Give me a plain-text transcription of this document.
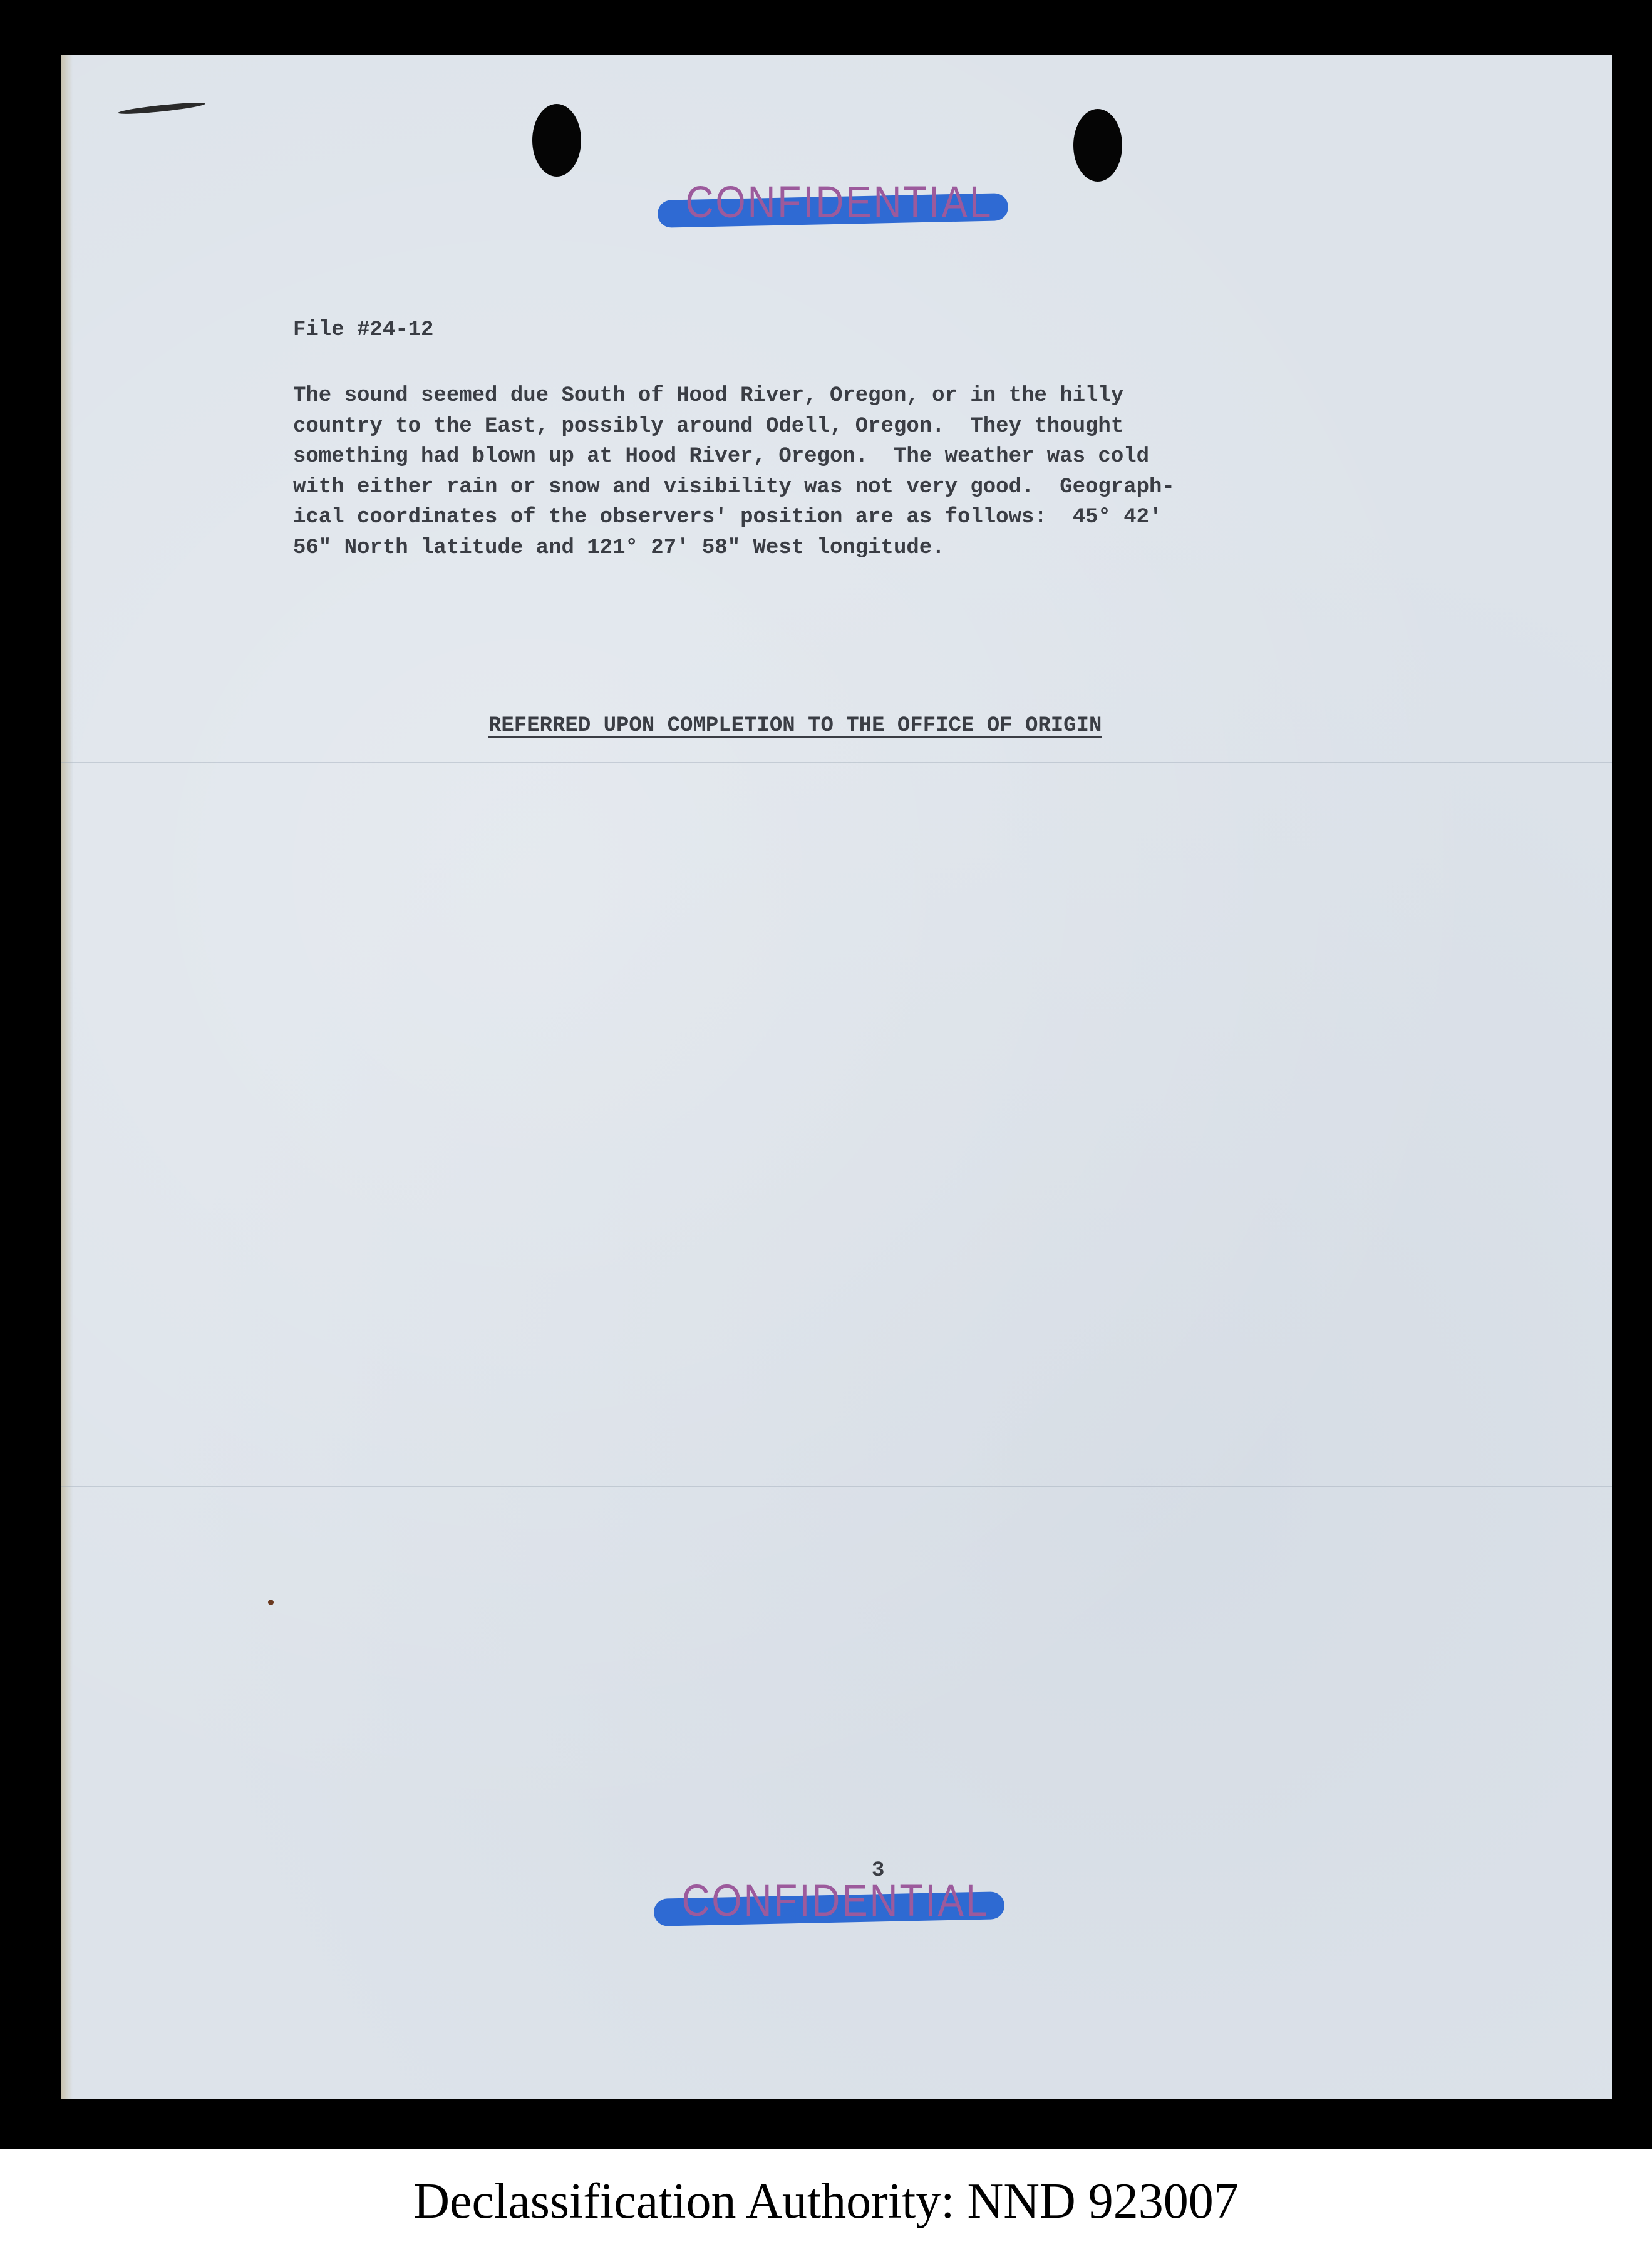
CONFIDENTIAL
File #24-12
The sound seemed due South of Hood River, Oregon, or in the hilly
country to the East, possibly around Odell, Oregon.  They thought
something had blown up at Hood River, Oregon.  The weather was cold
with either rain or snow and visibility was not very good.  Geograph-
ical coordinates of the observers' position are as follows:  45° 42'
56" North latitude and 121° 27' 58" West longitude.
REFERRED UPON COMPLETION TO THE OFFICE OF ORIGIN
3
CONFIDENTIAL
Declassification Authority: NND 923007
